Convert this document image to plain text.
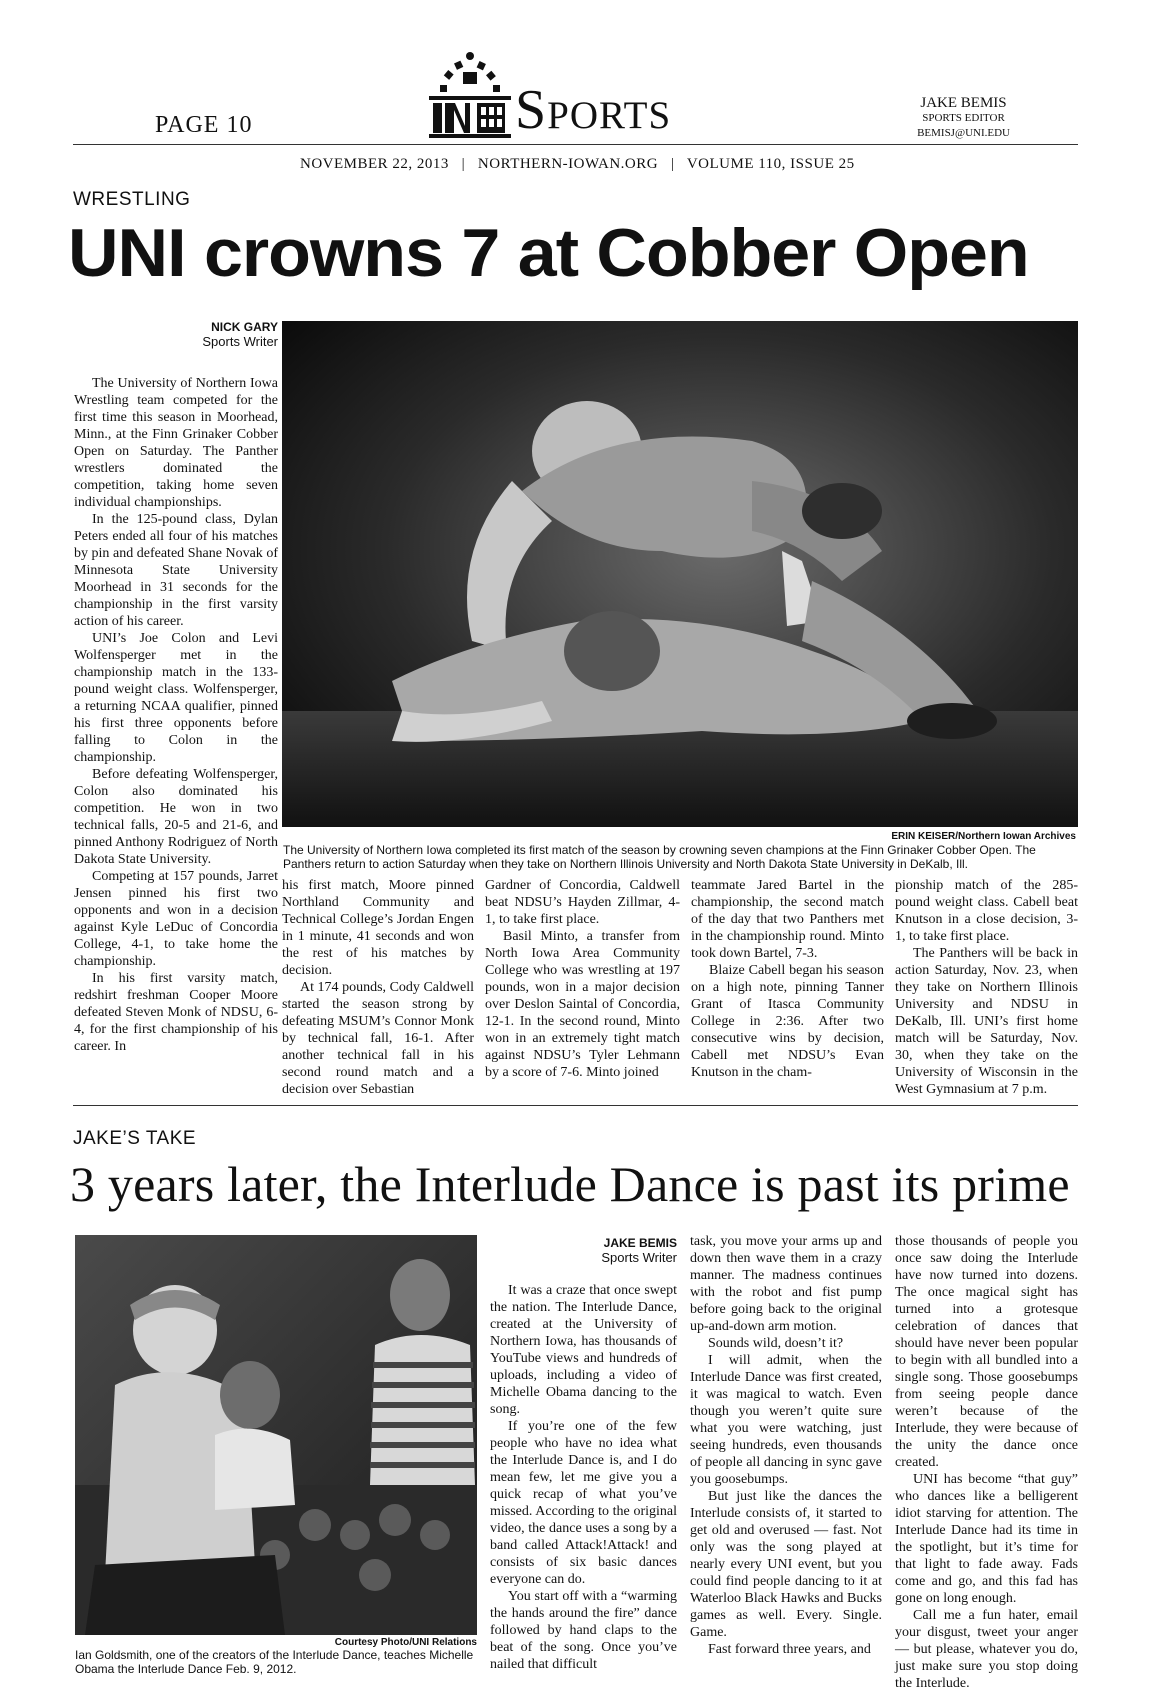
PAGE 10	Sports	JAKE BEMIS
SPORTS EDITOR
BEMISJ@UNI.EDU
NOVEMBER 22, 2013   |   NORTHERN-IOWAN.ORG   |   VOLUME 110, ISSUE 25
WRESTLING
UNI crowns 7 at Cobber Open
NICK GARY
Sports Writer

The University of Northern Iowa Wrestling team competed for the first time this season in Moorhead, Minn., at the Finn Grinaker Cobber Open on Saturday. The Panther wrestlers dominated the competition, taking home seven individual championships.

In the 125-pound class, Dylan Peters ended all four of his matches by pin and defeated Shane Novak of Minnesota State University Moorhead in 31 seconds for the championship in the first varsity action of his career.

UNI’s Joe Colon and Levi Wolfensperger met in the championship match in the 133-pound weight class. Wolfensperger, a returning NCAA qualifier, pinned his first three opponents before falling to Colon in the championship.

Before defeating Wolfensperger, Colon also dominated his competition. He won in two technical falls, 20-5 and 21-6, and pinned Anthony Rodriguez of North Dakota State University.

Competing at 157 pounds, Jarret Jensen pinned his first two opponents and won in a decision against Kyle LeDuc of Concordia College, 4-1, to take home the championship.

In his first varsity match, redshirt freshman Cooper Moore defeated Steven Monk of NDSU, 6-4, for the first championship of his career. In

ERIN KEISER/Northern Iowan Archives
The University of Northern Iowa completed its first match of the season by crowning seven champions at the Finn Grinaker Cobber Open. The Panthers return to action Saturday when they take on Northern Illinois University and North Dakota State University in DeKalb, Ill.

his first match, Moore pinned Northland Community and Technical College’s Jordan Engen in 1 minute, 41 seconds and won the rest of his matches by decision.

At 174 pounds, Cody Caldwell started the season strong by defeating MSUM’s Connor Monk by technical fall, 16-1. After another technical fall in his second round match and a decision over Sebastian

Gardner of Concordia, Caldwell beat NDSU’s Hayden Zillmar, 4-1, to take first place.

Basil Minto, a transfer from North Iowa Area Community College who was wrestling at 197 pounds, won in a major decision over Deslon Saintal of Concordia, 12-1. In the second round, Minto won in an extremely tight match against NDSU’s Tyler Lehmann by a score of 7-6. Minto joined

teammate Jared Bartel in the championship, the second match of the day that two Panthers met in the championship round. Minto took down Bartel, 7-3.

Blaize Cabell began his season on a high note, pinning Tanner Grant of Itasca Community College in 2:36. After two consecutive wins by decision, Cabell met NDSU’s Evan Knutson in the cham-

pionship match of the 285-pound weight class. Cabell beat Knutson in a close decision, 3-1, to take first place.

The Panthers will be back in action Saturday, Nov. 23, when they take on Northern Illinois University and NDSU in DeKalb, Ill. UNI’s first home match will be Saturday, Nov. 30, when they take on the University of Wisconsin in the West Gymnasium at 7 p.m.

JAKE’S TAKE
3 years later, the Interlude Dance is past its prime
Courtesy Photo/UNI Relations
Ian Goldsmith, one of the creators of the Interlude Dance, teaches Michelle Obama the Interlude Dance Feb. 9, 2012.
JAKE BEMIS
Sports Writer

It was a craze that once swept the nation. The Interlude Dance, created at the University of Northern Iowa, has thousands of YouTube views and hundreds of uploads, including a video of Michelle Obama dancing to the song.

If you’re one of the few people who have no idea what the Interlude Dance is, and I do mean few, let me give you a quick recap of what you’ve missed. According to the original video, the dance uses a song by a band called Attack!Attack! and consists of six basic dances everyone can do.

You start off with a “warming the hands around the fire” dance followed by hand claps to the beat of the song. Once you’ve nailed that difficult

task, you move your arms up and down then wave them in a crazy manner. The madness continues with the robot and fist pump before going back to the original up-and-down arm motion.

Sounds wild, doesn’t it?

I will admit, when the Interlude Dance was first created, it was magical to watch. Even though you weren’t quite sure what you were watching, just seeing hundreds, even thousands of people all dancing in sync gave you goosebumps.

But just like the dances the Interlude consists of, it started to get old and overused — fast. Not only was the song played at nearly every UNI event, but you could find people dancing to it at Waterloo Black Hawks and Bucks games as well. Every. Single. Game.

Fast forward three years, and

those thousands of people you once saw doing the Interlude have now turned into dozens. The once magical sight has turned into a grotesque celebration of dances that should have never been popular to begin with all bundled into a single song. Those goosebumps from seeing people dance weren’t because of the Interlude, they were because of the unity the dance once created.

UNI has become “that guy” who dances like a belligerent idiot starving for attention. The Interlude Dance had its time in the spotlight, but it’s time for that light to fade away. Fads come and go, and this fad has gone on long enough.

Call me a fun hater, email your disgust, tweet your anger — but please, whatever you do, just make sure you stop doing the Interlude.
